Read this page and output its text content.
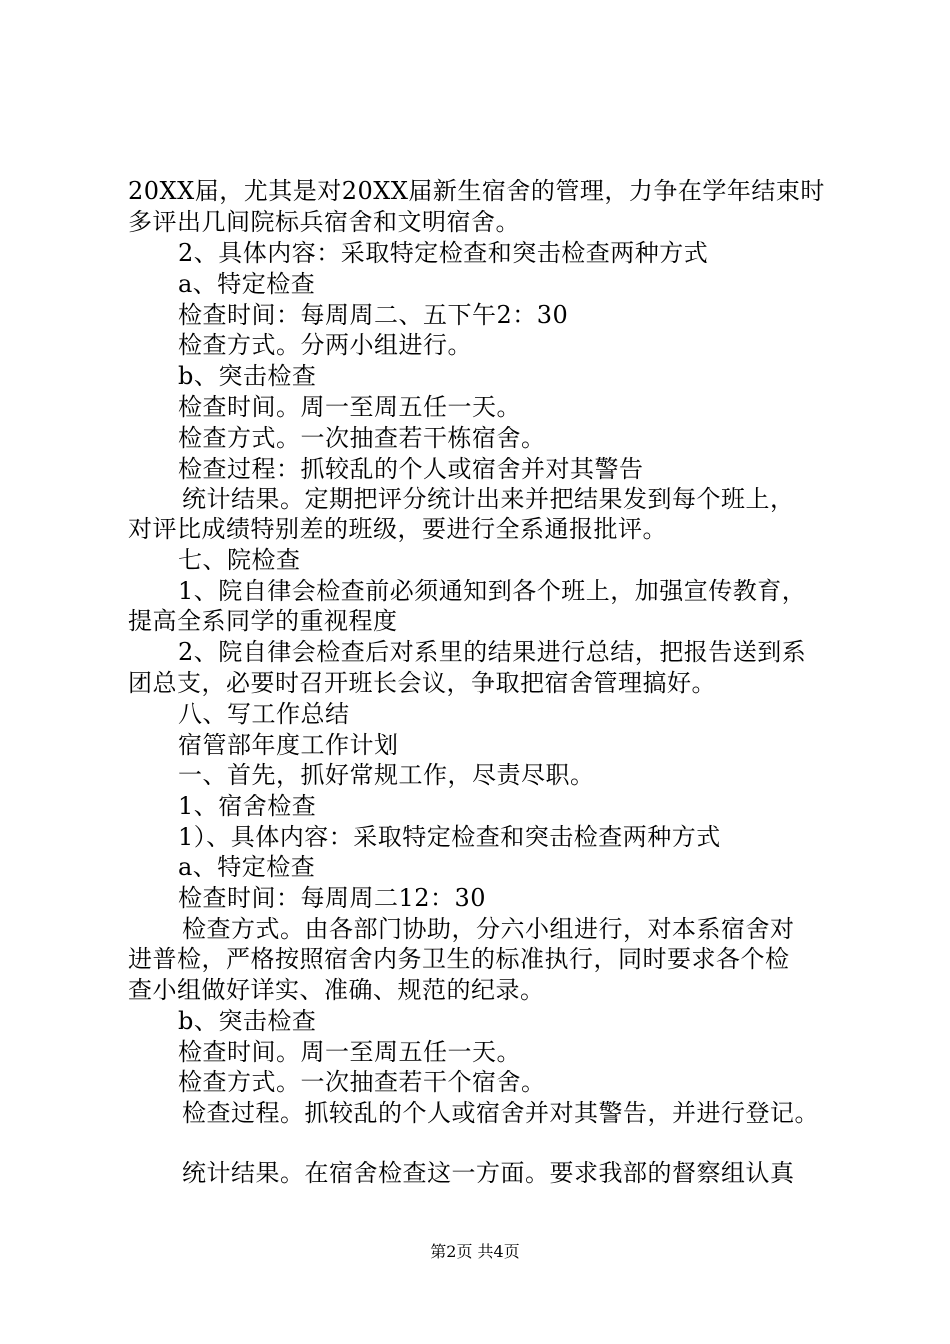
20XX届，尤其是对20XX届新生宿舍的管理，力争在学年结束时
多评出几间院标兵宿舍和文明宿舍。
2、具体内容：采取特定检查和突击检查两种方式
a、特定检查
检查时间：每周周二、五下午2：30
检查方式。分两小组进行。
b、突击检查
检查时间。周一至周五任一天。
检查方式。一次抽查若干栋宿舍。
检查过程：抓较乱的个人或宿舍并对其警告
统计结果。定期把评分统计出来并把结果发到每个班上，
对评比成绩特别差的班级，要进行全系通报批评。
七、院检查
1、院自律会检查前必须通知到各个班上，加强宣传教育，
提高全系同学的重视程度
2、院自律会检查后对系里的结果进行总结，把报告送到系
团总支，必要时召开班长会议，争取把宿舍管理搞好。
八、写工作总结
宿管部年度工作计划
一、首先，抓好常规工作，尽责尽职。
1、宿舍检查
1）、具体内容：采取特定检查和突击检查两种方式
a、特定检查
检查时间：每周周二12：30
检查方式。由各部门协助，分六小组进行，对本系宿舍对
进普检，严格按照宿舍内务卫生的标准执行，同时要求各个检
查小组做好详实、准确、规范的纪录。
b、突击检查
检查时间。周一至周五任一天。
检查方式。一次抽查若干个宿舍。
检查过程。抓较乱的个人或宿舍并对其警告，并进行登记。
统计结果。在宿舍检查这一方面。要求我部的督察组认真
第2页 共4页
